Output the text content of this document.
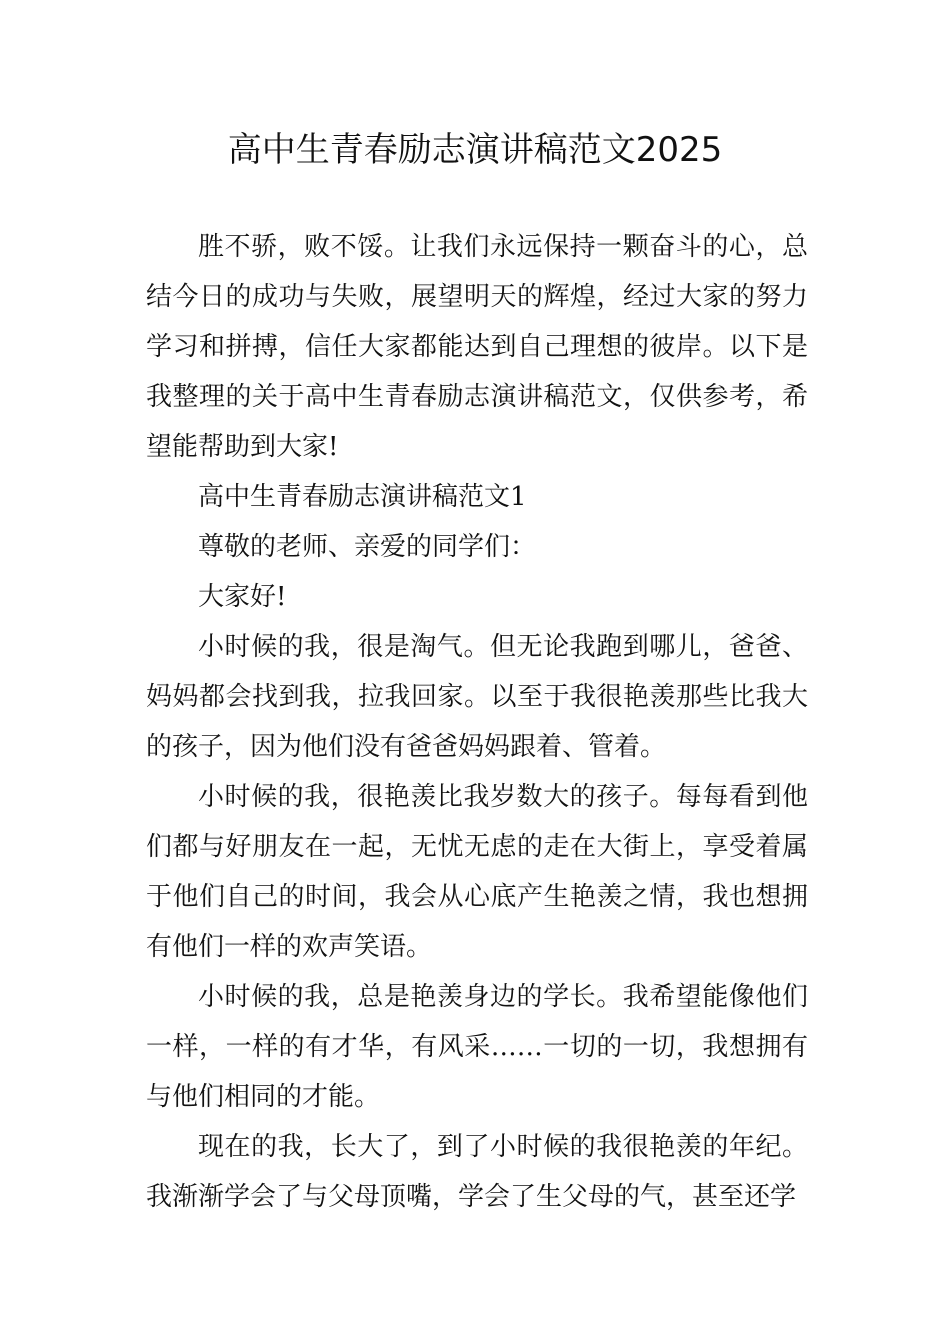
高中生青春励志演讲稿范文2025

胜不骄，败不馁。让我们永远保持一颗奋斗的心，总结今日的成功与失败，展望明天的辉煌，经过大家的努力学习和拼搏，信任大家都能达到自己理想的彼岸。以下是我整理的关于高中生青春励志演讲稿范文，仅供参考，希望能帮助到大家!

高中生青春励志演讲稿范文1

尊敬的老师、亲爱的同学们：

大家好!

小时候的我，很是淘气。但无论我跑到哪儿，爸爸、妈妈都会找到我，拉我回家。以至于我很艳羡那些比我大的孩子，因为他们没有爸爸妈妈跟着、管着。

小时候的我，很艳羡比我岁数大的孩子。每每看到他们都与好朋友在一起，无忧无虑的走在大街上，享受着属于他们自己的时间，我会从心底产生艳羡之情，我也想拥有他们一样的欢声笑语。

小时候的我，总是艳羡身边的学长。我希望能像他们一样，一样的有才华，有风采……一切的一切，我想拥有与他们相同的才能。

现在的我，长大了，到了小时候的我很艳羡的年纪。我渐渐学会了与父母顶嘴，学会了生父母的气，甚至还学
